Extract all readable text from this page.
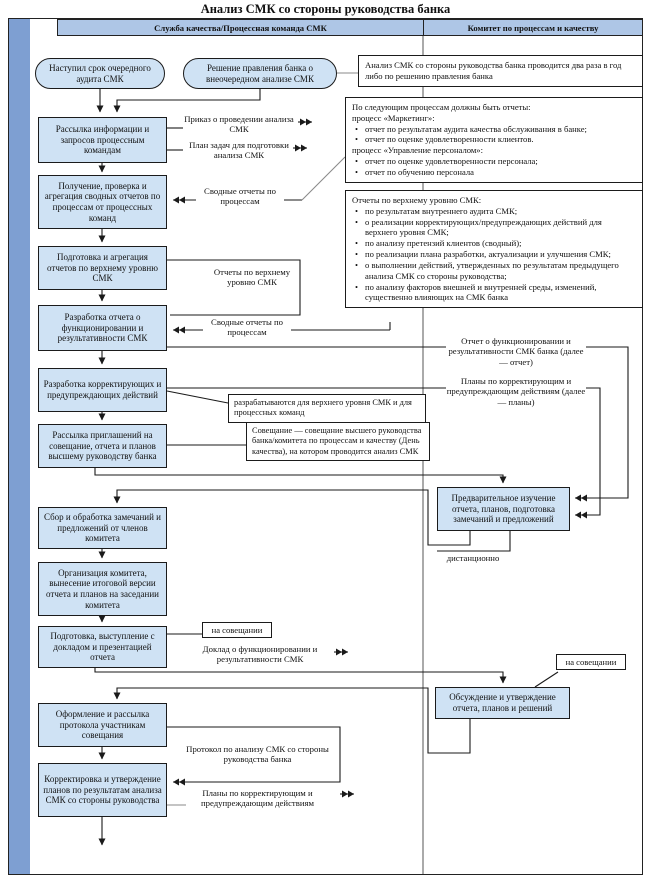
Анализ СМК со стороны руководства банка
Служба качества/Процессная команда СМК	Комитет по процессам и качеству
Наступил срок очередного аудита СМК
Решение правления банка о внеочередном анализе СМК
Рассылка информации и запросов процессным командам
Получение, проверка и агрегация сводных отчетов по процессам от процессных команд
Подготовка и агрегация отчетов по верхнему уровню СМК
Разработка отчета о функционировании и результативности СМК
Разработка корректирующих и предупреждающих действий
Рассылка приглашений на совещание, отчета и планов высшему руководству банка
Сбор и обработка замечаний и предложений от членов комитета
Организация комитета, вынесение итоговой версии отчета и планов на заседании комитета
Подготовка, выступление с докладом и презентацией отчета
Оформление и рассылка протокола участникам совещания
Корректировка и утверждение планов по результатам анализа СМК со стороны руководства
Предварительное изучение отчета, планов, подготовка замечаний и предложений
Обсуждение и утверждение отчета, планов и решений
дистанционно
Приказ о проведении анализа СМК
План задач для подготовки анализа СМК
Сводные отчеты по процессам
Отчеты по верхнему уровню СМК
Сводные отчеты по процессам
Отчет о функционировании и результативности СМК банка (далее — отчет)
Планы по корректирующим и предупреждающим действиям (далее — планы)
Доклад о функционировании и результативности СМК
Протокол по анализу СМК со стороны руководства банка
Планы по корректирующим и предупреждающим действиям
на совещании
на совещании
Анализ СМК со стороны руководства банка проводится два раза в год либо по решению правления банка
разрабатываются для верхнего уровня СМК и для процессных команд
Совещание — совещание высшего руководства банка/комитета по процессам и качеству (День качества), на котором проводится анализ СМК
По следующим процессам должны быть отчеты:
процесс «Маркетинг»:
• отчет по результатам аудита качества обслуживания в банке;
• отчет по оценке удовлетворенности клиентов.
процесс «Управление персоналом»:
• отчет по оценке удовлетворенности персонала;
• отчет по обучению персонала
Отчеты по верхнему уровню СМК:
• по результатам внутреннего аудита СМК;
• о реализации корректирующих/предупреждающих действий для верхнего уровня СМК;
• по анализу претензий клиентов (сводный);
• по реализации плана разработки, актуализации и улучшения СМК;
• о выполнении действий, утвержденных по результатам предыдущего анализа СМК со стороны руководства;
• по анализу факторов внешней и внутренней среды, изменений, существенно влияющих на СМК банка
